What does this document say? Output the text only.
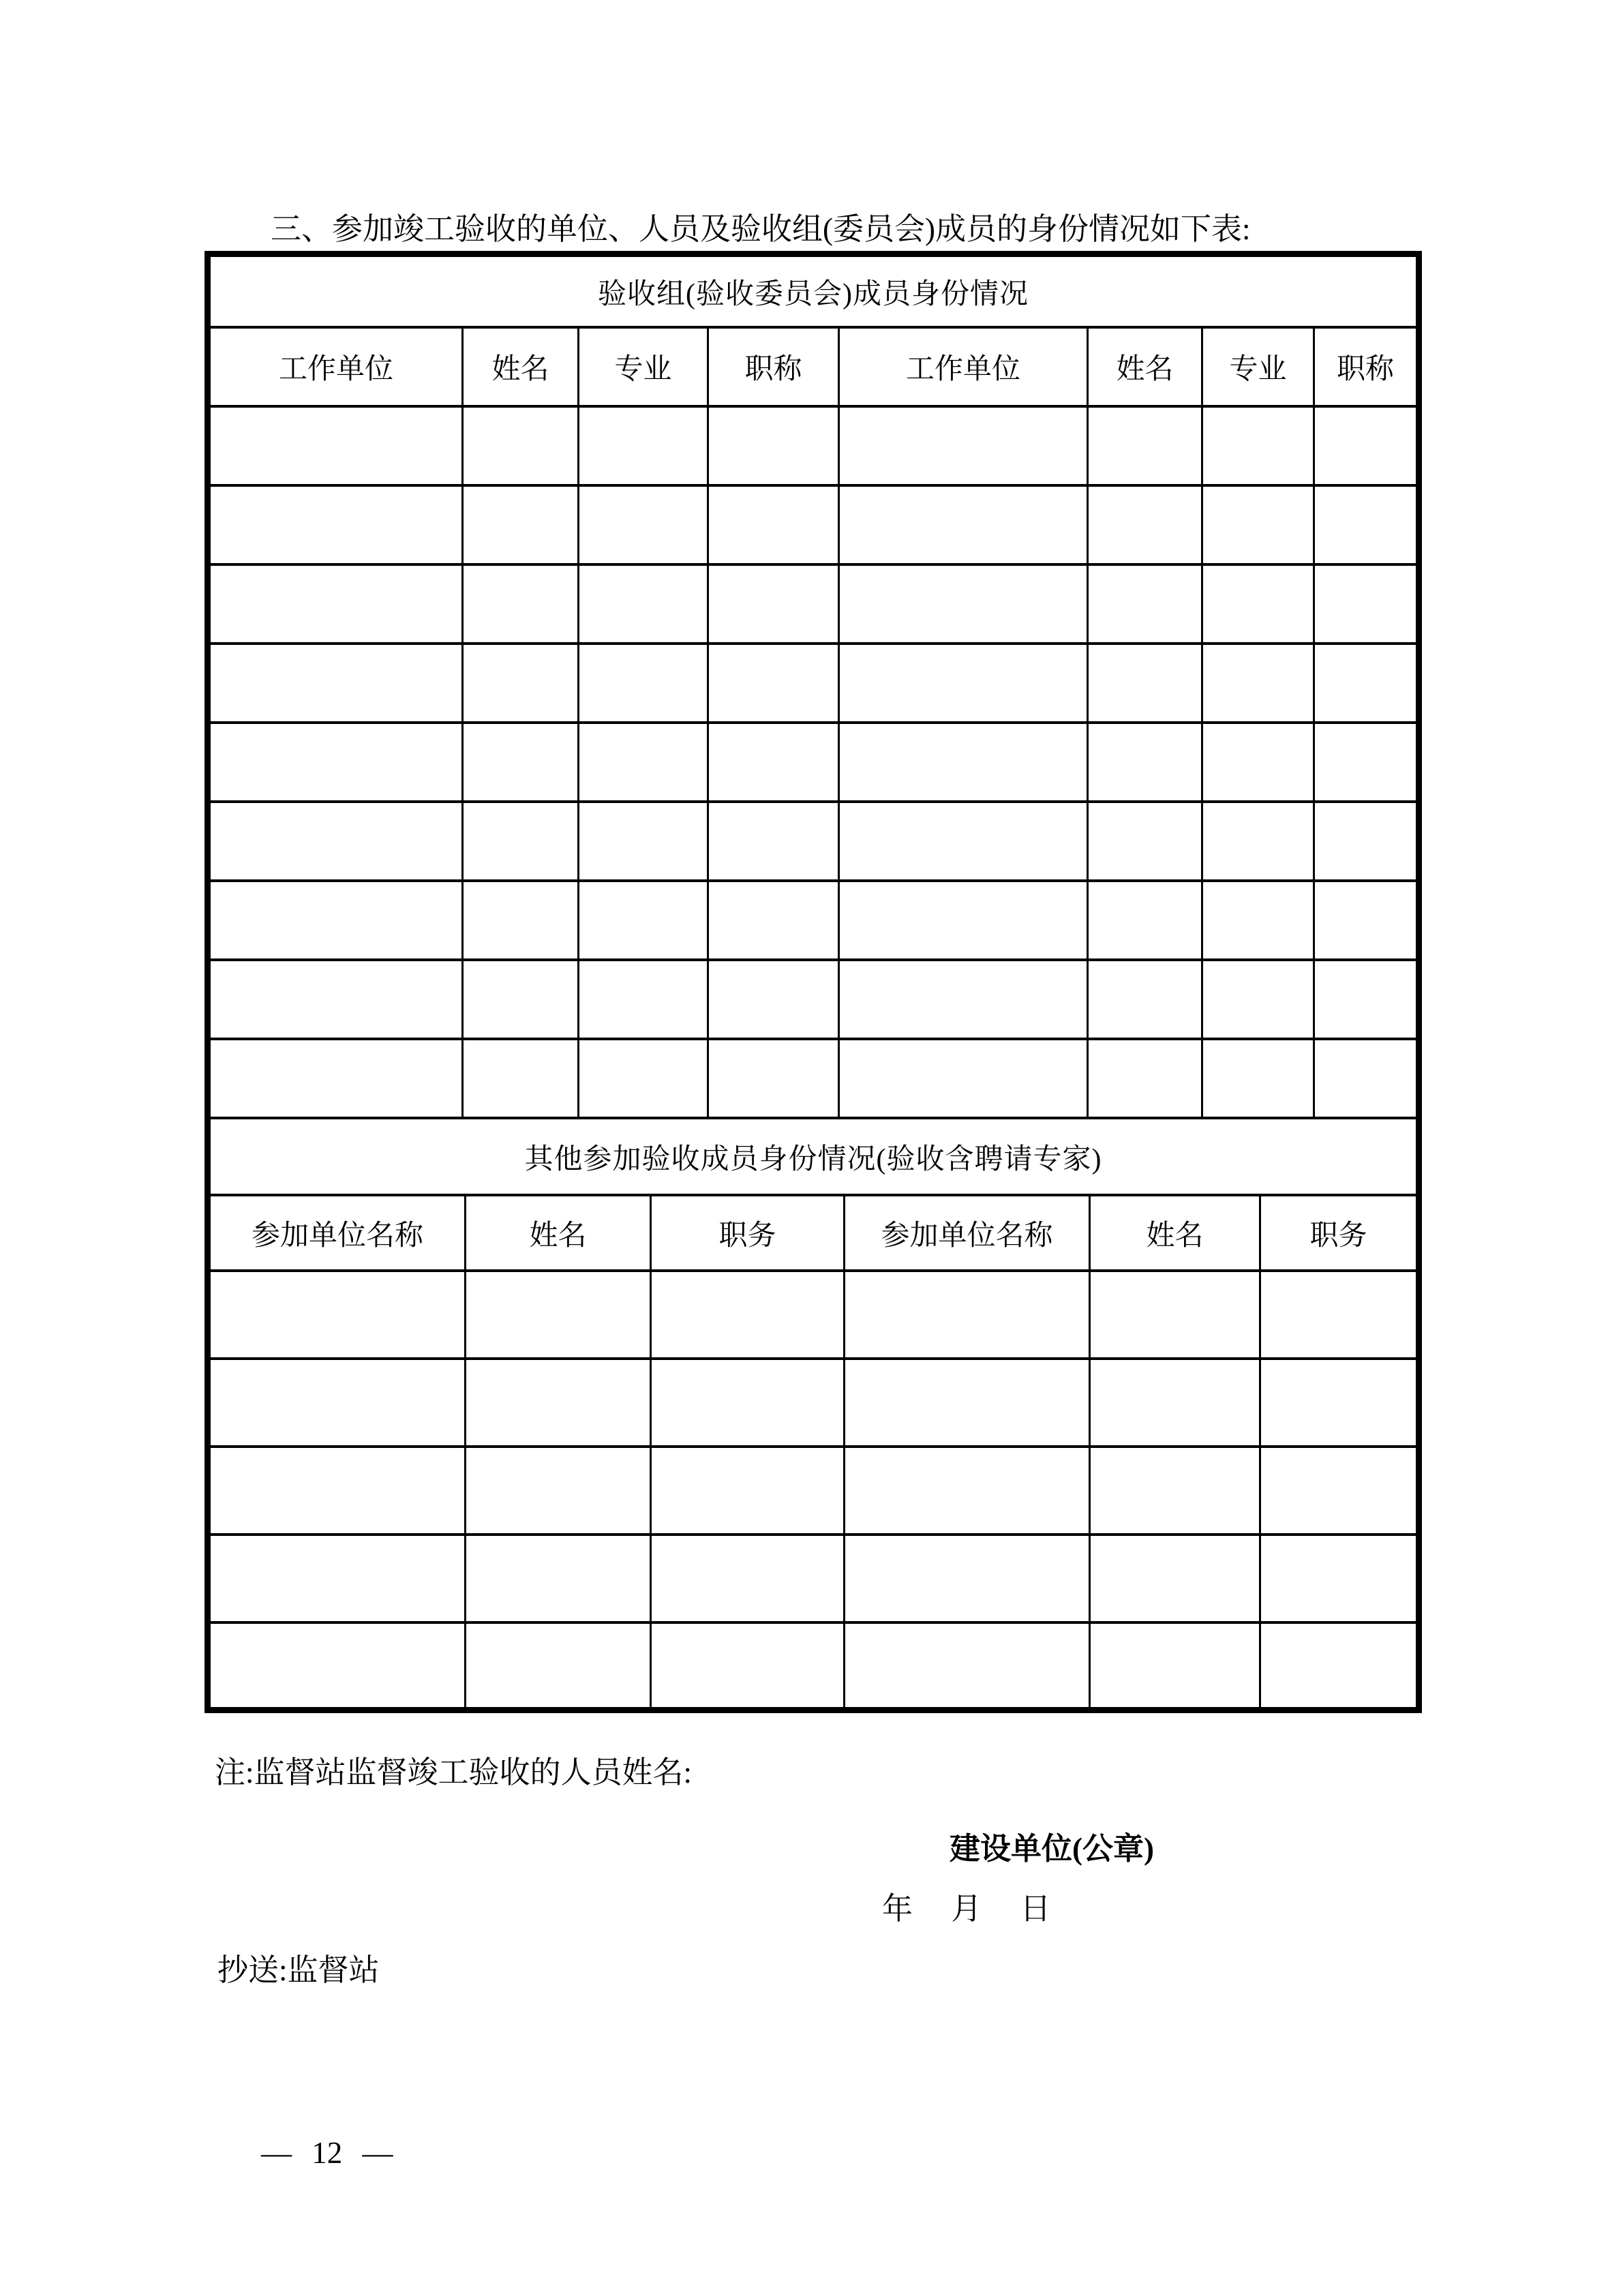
三、参加竣工验收的单位、人员及验收组(委员会)成员的身份情况如下表:
验收组(验收委员会)成员身份情况
工作单位	姓名	专业	职称	工作单位	姓名	专业	职称
其他参加验收成员身份情况(验收含聘请专家)
参加单位名称	姓名	职务	参加单位名称	姓名	职务
注:监督站监督竣工验收的人员姓名:
建设单位(公章)
年　 月　 日
抄送:监督站
— 12 —
